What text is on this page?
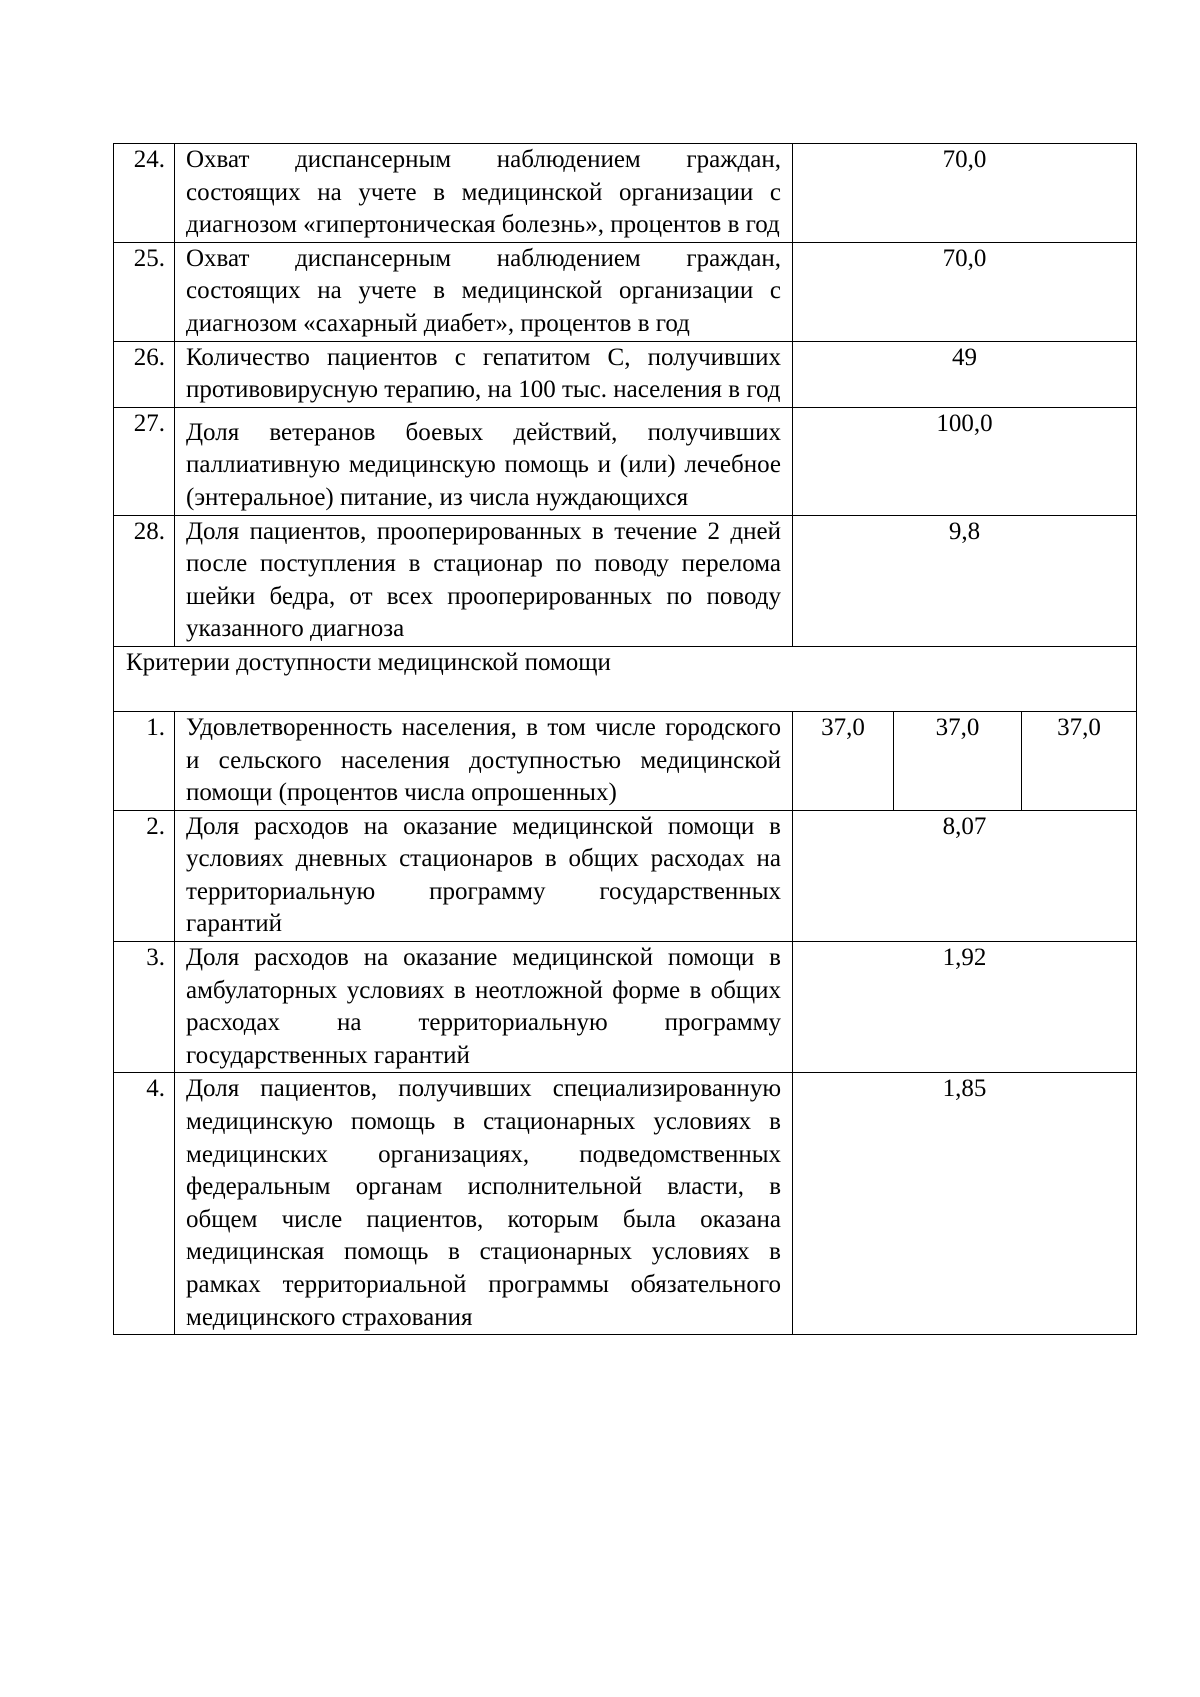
24.	Охват диспансерным наблюдением граждан, состоящих на учете в медицинской организации с диагнозом «гипертоническая болезнь», процентов в год	70,0		
25.	Охват диспансерным наблюдением граждан, состоящих на учете в медицинской организации с диагнозом «сахарный диабет», процентов в год	70,0		
26.	Количество пациентов с гепатитом С, получивших противовирусную терапию, на 100 тыс. населения в год	49		
27.	Доля ветеранов боевых действий, получивших паллиативную медицинскую помощь и (или) лечебное (энтеральное) питание, из числа нуждающихся	100,0		
28.	Доля пациентов, прооперированных в течение 2 дней после поступления в стационар по поводу перелома шейки бедра, от всех прооперированных по поводу указанного диагноза	9,8		
Критерии доступности медицинской помощи				
1.	Удовлетворенность населения, в том числе городского и сельского населения доступностью медицинской помощи (процентов числа опрошенных)	37,0	37,0	37,0
2.	Доля расходов на оказание медицинской помощи в условиях дневных стационаров в общих расходах на территориальную программу государственных гарантий	8,07		
3.	Доля расходов на оказание медицинской помощи в амбулаторных условиях в неотложной форме в общих расходах на территориальную программу государственных гарантий	1,92		
4.	Доля пациентов, получивших специализированную медицинскую помощь в стационарных условиях в медицинских организациях, подведомственных федеральным органам исполнительной власти, в общем числе пациентов, которым была оказана медицинская помощь в стационарных условиях в рамках территориальной программы обязательного медицинского страхования	1,85		
